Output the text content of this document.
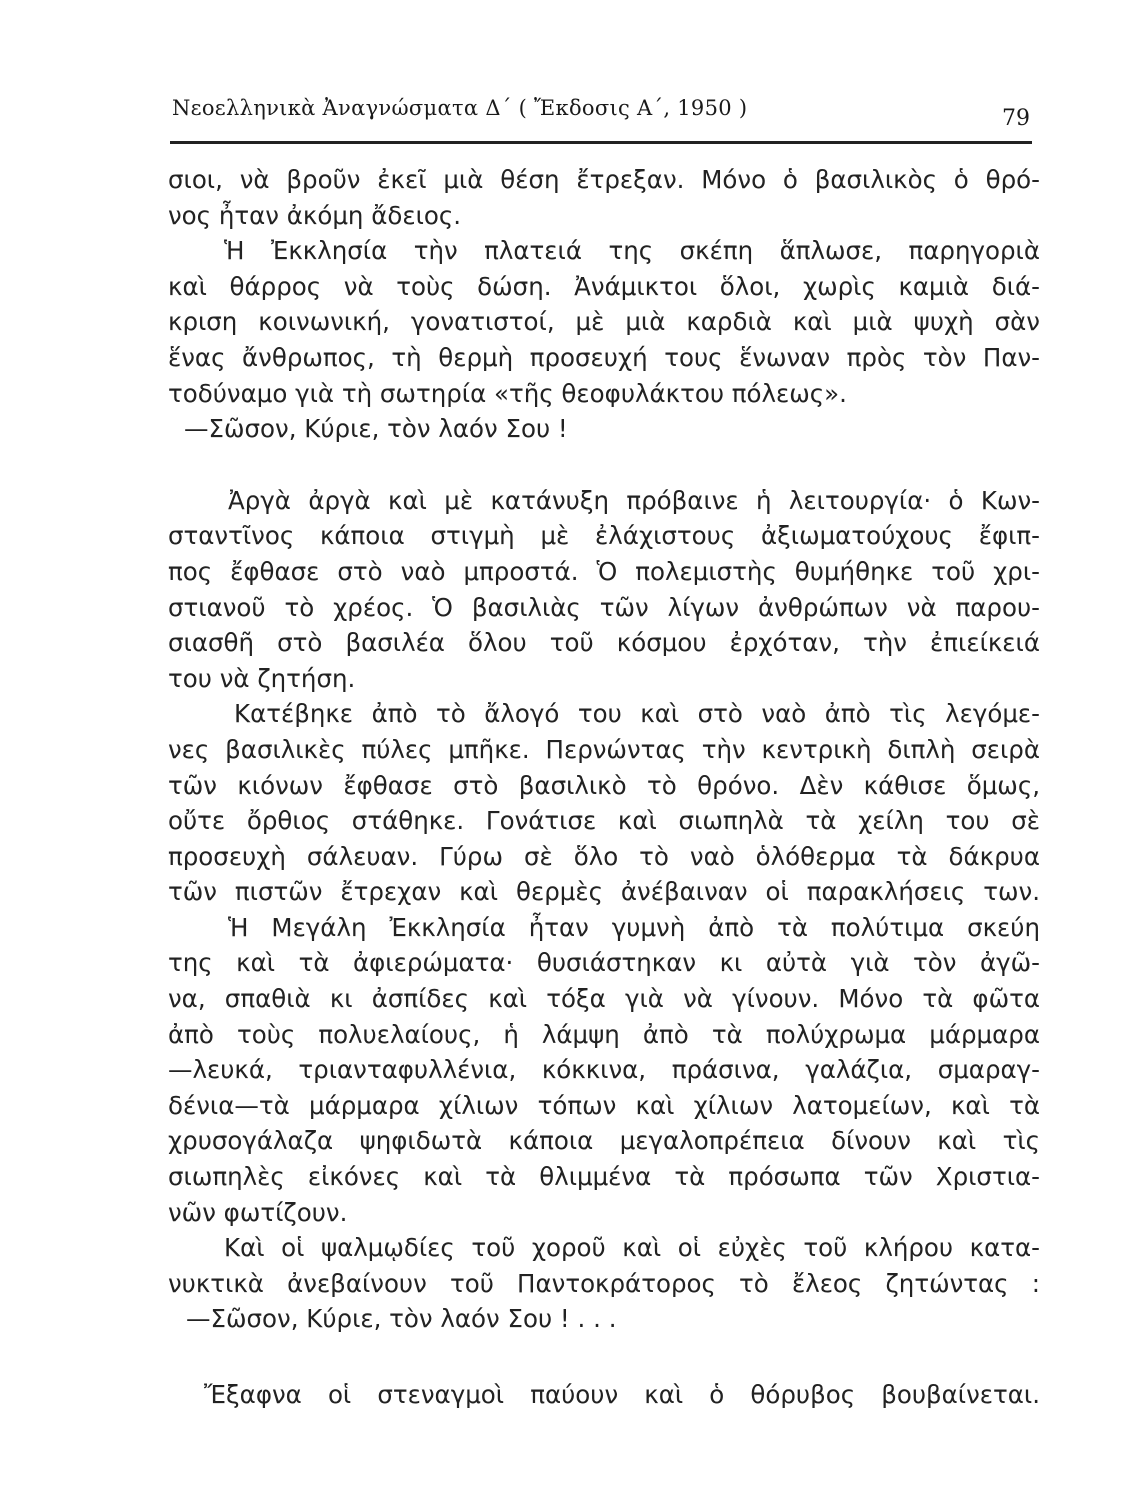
Νεοελληνικὰ Ἀναγνώσματα Δ΄ ( Ἔκδοσις Α΄, 1950 )	79
σιοι, νὰ βροῦν ἐκεῖ μιὰ θέση ἔτρεξαν. Μόνο ὁ βασιλικὸς ὁ θρό-
νος ἦταν ἀκόμη ἄδειος.
Ἡ Ἐκκλησία τὴν πλατειά της σκέπη ἅπλωσε, παρηγοριὰ
καὶ θάρρος νὰ τοὺς δώση. Ἀνάμικτοι ὅλοι, χωρὶς καμιὰ διά-
κριση κοινωνική, γονατιστοί, μὲ μιὰ καρδιὰ καὶ μιὰ ψυχὴ σὰν
ἕνας ἄνθρωπος, τὴ θερμὴ προσευχή τους ἕνωναν πρὸς τὸν Παν-
τοδύναμο γιὰ τὴ σωτηρία «τῆς θεοφυλάκτου πόλεως».
—Σῶσον, Κύριε, τὸν λαόν Σου !
Ἀργὰ ἀργὰ καὶ μὲ κατάνυξη πρόβαινε ἡ λειτουργία· ὁ Κων-
σταντῖνος κάποια στιγμὴ μὲ ἐλάχιστους ἀξιωματούχους ἔφιπ-
πος ἔφθασε στὸ ναὸ μπροστά. Ὁ πολεμιστὴς θυμήθηκε τοῦ χρι-
στιανοῦ τὸ χρέος. Ὁ βασιλιὰς τῶν λίγων ἀνθρώπων νὰ παρου-
σιασθῆ στὸ βασιλέα ὅλου τοῦ κόσμου ἐρχόταν, τὴν ἐπιείκειά
του νὰ ζητήση.
Κατέβηκε ἀπὸ τὸ ἄλογό του καὶ στὸ ναὸ ἀπὸ τὶς λεγόμε-
νες βασιλικὲς πύλες μπῆκε. Περνώντας τὴν κεντρικὴ διπλὴ σειρὰ
τῶν κιόνων ἔφθασε στὸ βασιλικὸ τὸ θρόνο. Δὲν κάθισε ὅμως,
οὔτε ὄρθιος στάθηκε. Γονάτισε καὶ σιωπηλὰ τὰ χείλη του σὲ
προσευχὴ σάλευαν. Γύρω σὲ ὅλο τὸ ναὸ ὁλόθερμα τὰ δάκρυα
τῶν πιστῶν ἔτρεχαν καὶ θερμὲς ἀνέβαιναν οἱ παρακλήσεις των.
Ἡ Μεγάλη Ἐκκλησία ἦταν γυμνὴ ἀπὸ τὰ πολύτιμα σκεύη
της καὶ τὰ ἀφιερώματα· θυσιάστηκαν κι αὐτὰ γιὰ τὸν ἀγῶ-
να, σπαθιὰ κι ἀσπίδες καὶ τόξα γιὰ νὰ γίνουν. Μόνο τὰ φῶτα
ἀπὸ τοὺς πολυελαίους, ἡ λάμψη ἀπὸ τὰ πολύχρωμα μάρμαρα
—λευκά, τριανταφυλλένια, κόκκινα, πράσινα, γαλάζια, σμαραγ-
δένια—τὰ μάρμαρα χίλιων τόπων καὶ χίλιων λατομείων, καὶ τὰ
χρυσογάλαζα ψηφιδωτὰ κάποια μεγαλοπρέπεια δίνουν καὶ τὶς
σιωπηλὲς εἰκόνες καὶ τὰ θλιμμένα τὰ πρόσωπα τῶν Χριστια-
νῶν φωτίζουν.
Καὶ οἱ ψαλμῳδίες τοῦ χοροῦ καὶ οἱ εὐχὲς τοῦ κλήρου κατα-
νυκτικὰ ἀνεβαίνουν τοῦ Παντοκράτορος τὸ ἔλεος ζητώντας :
—Σῶσον, Κύριε, τὸν λαόν Σου ! . . .
Ἔξαφνα οἱ στεναγμοὶ παύουν καὶ ὁ θόρυβος βουβαίνεται.
